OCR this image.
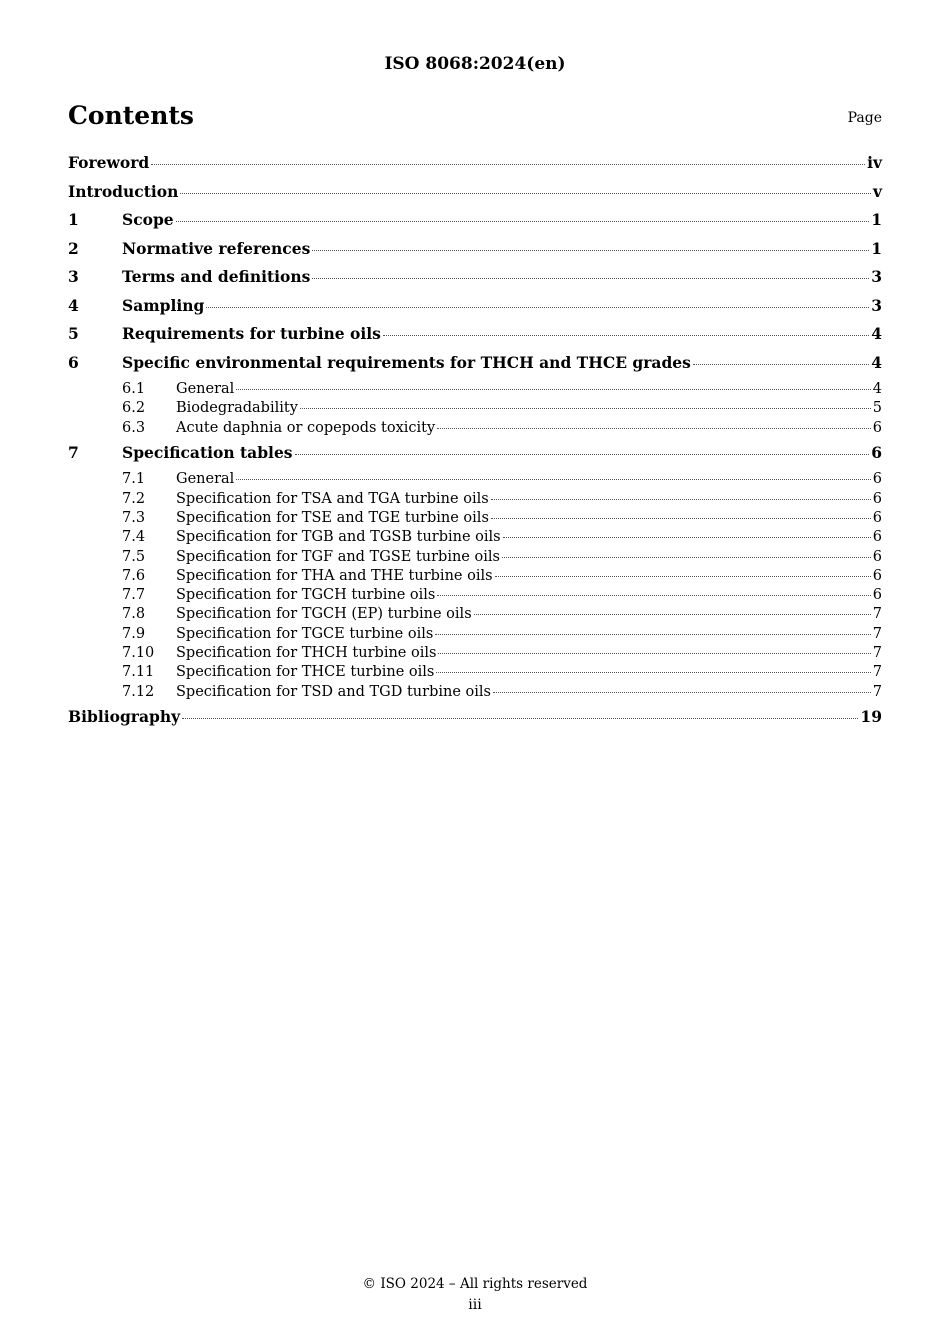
ISO 8068:2024(en)
Contents	Page
Foreword	iv
Introduction	v
1	Scope	1
2	Normative references	1
3	Terms and definitions	3
4	Sampling	3
5	Requirements for turbine oils	4
6	Specific environmental requirements for THCH and THCE grades	4
6.1	General	4
6.2	Biodegradability	5
6.3	Acute daphnia or copepods toxicity	6
7	Specification tables	6
7.1	General	6
7.2	Specification for TSA and TGA turbine oils	6
7.3	Specification for TSE and TGE turbine oils	6
7.4	Specification for TGB and TGSB turbine oils	6
7.5	Specification for TGF and TGSE turbine oils	6
7.6	Specification for THA and THE turbine oils	6
7.7	Specification for TGCH turbine oils	6
7.8	Specification for TGCH (EP) turbine oils	7
7.9	Specification for TGCE turbine oils	7
7.10	Specification for THCH turbine oils	7
7.11	Specification for THCE turbine oils	7
7.12	Specification for TSD and TGD turbine oils	7
Bibliography	19
© ISO 2024 – All rights reserved
iii
